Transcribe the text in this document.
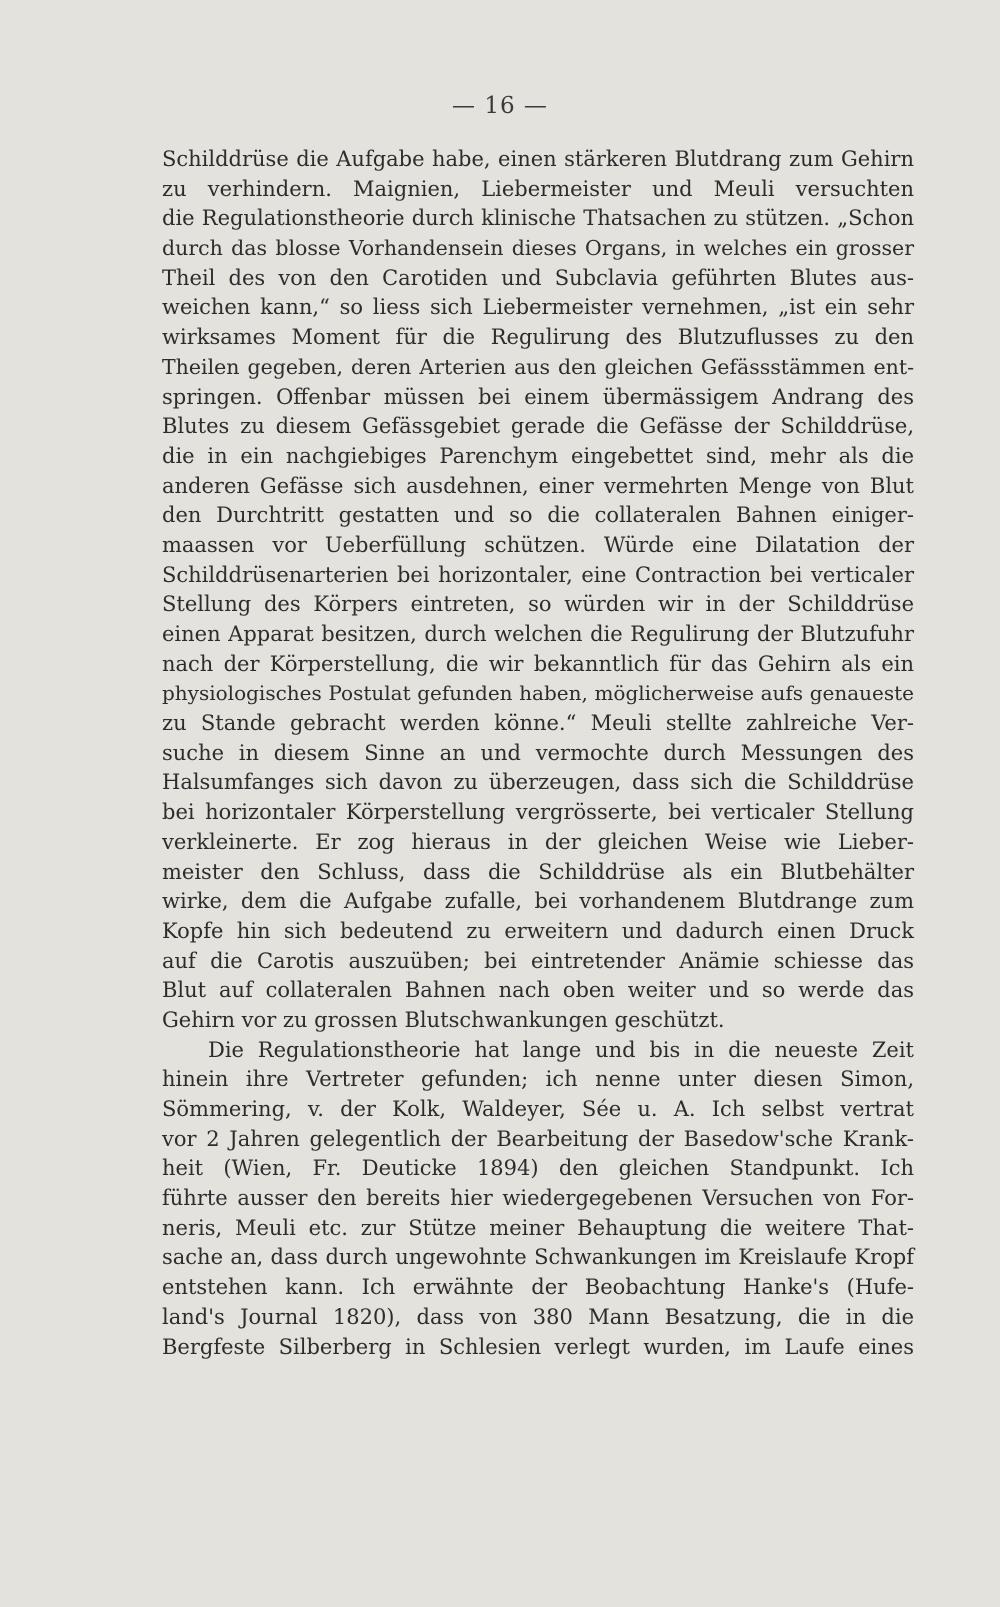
— 16 —
Schilddrüse die Aufgabe habe, einen stärkeren Blutdrang zum Gehirn
zu verhindern. Maignien, Liebermeister und Meuli versuchten
die Regulationstheorie durch klinische Thatsachen zu stützen. „Schon
durch das blosse Vorhandensein dieses Organs, in welches ein grosser
Theil des von den Carotiden und Subclavia geführten Blutes aus-
weichen kann,“ so liess sich Liebermeister vernehmen, „ist ein sehr
wirksames Moment für die Regulirung des Blutzuflusses zu den
Theilen gegeben, deren Arterien aus den gleichen Gefässstämmen ent-
springen. Offenbar müssen bei einem übermässigem Andrang des
Blutes zu diesem Gefässgebiet gerade die Gefässe der Schilddrüse,
die in ein nachgiebiges Parenchym eingebettet sind, mehr als die
anderen Gefässe sich ausdehnen, einer vermehrten Menge von Blut
den Durchtritt gestatten und so die collateralen Bahnen einiger-
maassen vor Ueberfüllung schützen. Würde eine Dilatation der
Schilddrüsenarterien bei horizontaler, eine Contraction bei verticaler
Stellung des Körpers eintreten, so würden wir in der Schilddrüse
einen Apparat besitzen, durch welchen die Regulirung der Blutzufuhr
nach der Körperstellung, die wir bekanntlich für das Gehirn als ein
physiologisches Postulat gefunden haben, möglicherweise aufs genaueste
zu Stande gebracht werden könne.“ Meuli stellte zahlreiche Ver-
suche in diesem Sinne an und vermochte durch Messungen des
Halsumfanges sich davon zu überzeugen, dass sich die Schilddrüse
bei horizontaler Körperstellung vergrösserte, bei verticaler Stellung
verkleinerte. Er zog hieraus in der gleichen Weise wie Lieber-
meister den Schluss, dass die Schilddrüse als ein Blutbehälter
wirke, dem die Aufgabe zufalle, bei vorhandenem Blutdrange zum
Kopfe hin sich bedeutend zu erweitern und dadurch einen Druck
auf die Carotis auszuüben; bei eintretender Anämie schiesse das
Blut auf collateralen Bahnen nach oben weiter und so werde das
Gehirn vor zu grossen Blutschwankungen geschützt.
Die Regulationstheorie hat lange und bis in die neueste Zeit
hinein ihre Vertreter gefunden; ich nenne unter diesen Simon,
Sömmering, v. der Kolk, Waldeyer, Sée u. A. Ich selbst vertrat
vor 2 Jahren gelegentlich der Bearbeitung der Basedow'sche Krank-
heit (Wien, Fr. Deuticke 1894) den gleichen Standpunkt. Ich
führte ausser den bereits hier wiedergegebenen Versuchen von For-
neris, Meuli etc. zur Stütze meiner Behauptung die weitere That-
sache an, dass durch ungewohnte Schwankungen im Kreislaufe Kropf
entstehen kann. Ich erwähnte der Beobachtung Hanke's (Hufe-
land's Journal 1820), dass von 380 Mann Besatzung, die in die
Bergfeste Silberberg in Schlesien verlegt wurden, im Laufe eines
